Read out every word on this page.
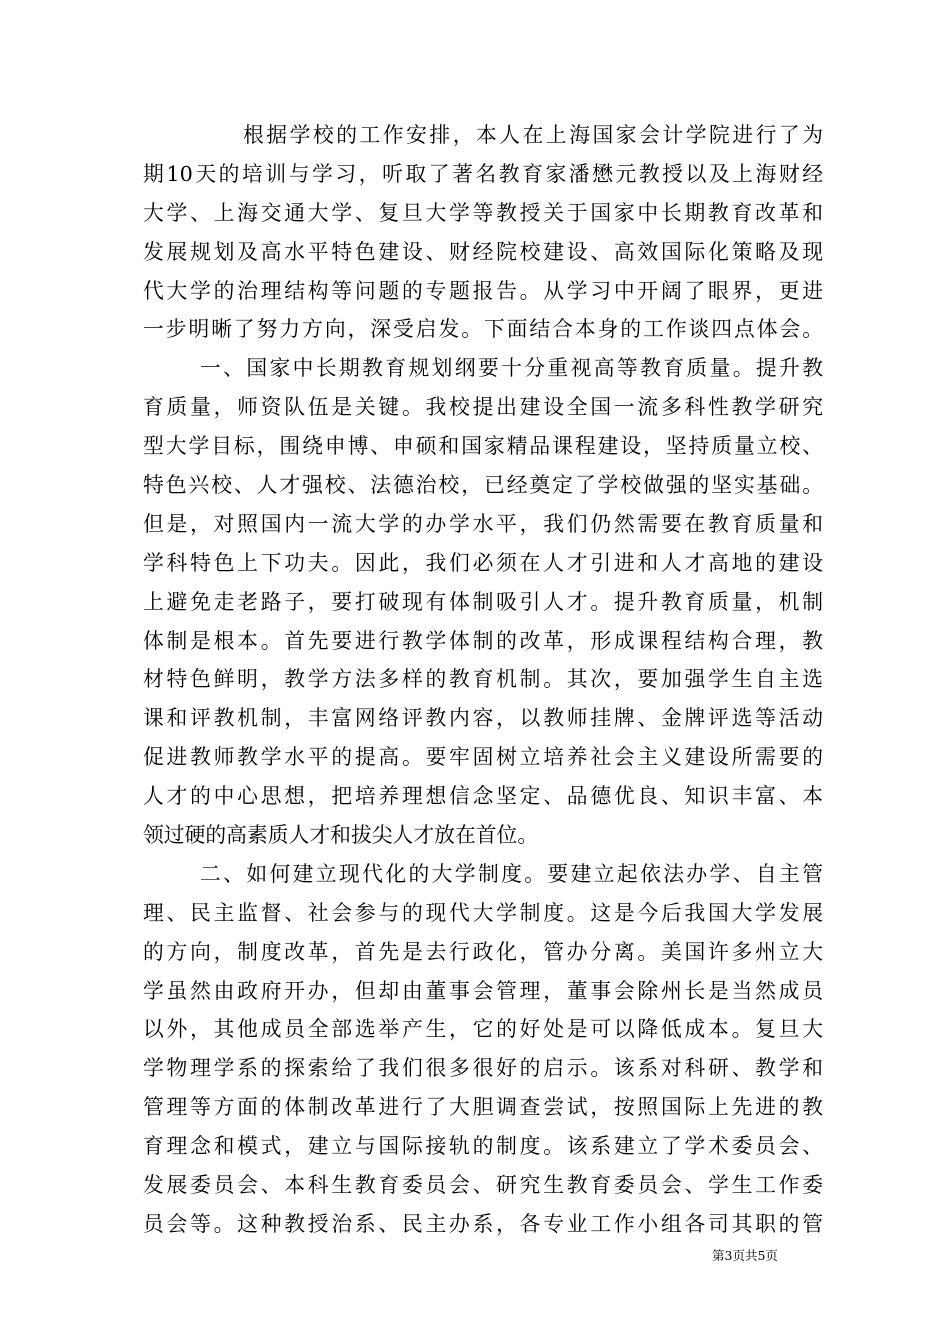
根据学校的工作安排，本人在上海国家会计学院进行了为
期10天的培训与学习，听取了著名教育家潘懋元教授以及上海财经
大学、上海交通大学、复旦大学等教授关于国家中长期教育改革和
发展规划及高水平特色建设、财经院校建设、高效国际化策略及现
代大学的治理结构等问题的专题报告。从学习中开阔了眼界，更进
一步明晰了努力方向，深受启发。下面结合本身的工作谈四点体会。
一、国家中长期教育规划纲要十分重视高等教育质量。提升教
育质量，师资队伍是关键。我校提出建设全国一流多科性教学研究
型大学目标，围绕申博、申硕和国家精品课程建设，坚持质量立校、
特色兴校、人才强校、法德治校，已经奠定了学校做强的坚实基础。
但是，对照国内一流大学的办学水平，我们仍然需要在教育质量和
学科特色上下功夫。因此，我们必须在人才引进和人才高地的建设
上避免走老路子，要打破现有体制吸引人才。提升教育质量，机制
体制是根本。首先要进行教学体制的改革，形成课程结构合理，教
材特色鲜明，教学方法多样的教育机制。其次，要加强学生自主选
课和评教机制，丰富网络评教内容，以教师挂牌、金牌评选等活动
促进教师教学水平的提高。要牢固树立培养社会主义建设所需要的
人才的中心思想，把培养理想信念坚定、品德优良、知识丰富、本
领过硬的高素质人才和拔尖人才放在首位。
二、如何建立现代化的大学制度。要建立起依法办学、自主管
理、民主监督、社会参与的现代大学制度。这是今后我国大学发展
的方向，制度改革，首先是去行政化，管办分离。美国许多州立大
学虽然由政府开办，但却由董事会管理，董事会除州长是当然成员
以外，其他成员全部选举产生，它的好处是可以降低成本。复旦大
学物理学系的探索给了我们很多很好的启示。该系对科研、教学和
管理等方面的体制改革进行了大胆调查尝试，按照国际上先进的教
育理念和模式，建立与国际接轨的制度。该系建立了学术委员会、
发展委员会、本科生教育委员会、研究生教育委员会、学生工作委
员会等。这种教授治系、民主办系，各专业工作小组各司其职的管
第3页共5页
